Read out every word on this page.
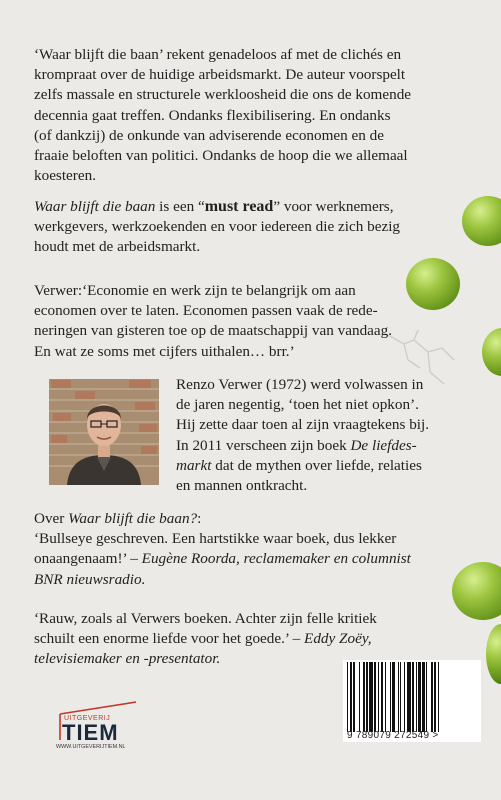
‘Waar blijft die baan’ rekent genadeloos af met de clichés en
krompraat over de huidige arbeidsmarkt. De auteur voorspelt
zelfs massale en structurele werkloosheid die ons de komende
decennia gaat treffen. Ondanks flexibilisering. En ondanks
(of dankzij) de onkunde van adviserende economen en de
fraaie beloften van politici. Ondanks de hoop die we allemaal
koesteren.
Waar blijft die baan is een “must read” voor werknemers,
werkgevers, werkzoekenden en voor iedereen die zich bezig
houdt met de arbeidsmarkt.
Verwer:‘Economie en werk zijn te belangrijk om aan
economen over te laten. Economen passen vaak de rede-
neringen van gisteren toe op de maatschappij van vandaag.
En wat ze soms met cijfers uithalen… brr.’
Renzo Verwer (1972) werd volwassen in
de jaren negentig, ‘toen het niet opkon’.
Hij zette daar toen al zijn vraagtekens bij.
In 2011 verscheen zijn boek De liefdes-
markt dat de mythen over liefde, relaties
en mannen ontkracht.
Over Waar blijft die baan?:
‘Bullseye geschreven. Een hartstikke waar boek, dus lekker
onaangenaam!’ – Eugène Roorda, reclamemaker en columnist
BNR nieuwsradio.
‘Rauw, zoals al Verwers boeken. Achter zijn felle kritiek
schuilt een enorme liefde voor het goede.’ – Eddy Zoëy,
televisiemaker en -presentator.
UITGEVERIJ
TIEM
WWW.UITGEVERIJTIEM.NL
9 789079 272549 >
